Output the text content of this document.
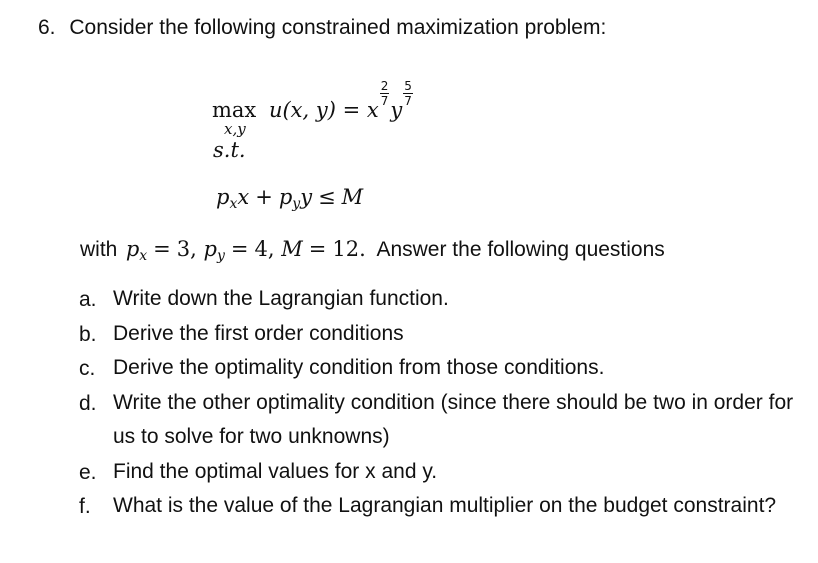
6. Consider the following constrained maximization problem:
max
x,y
u(x, y) = x
$\frac{2}{7}$
y
$\frac{5}{7}$
s.t.
$p_xx + p_yy \le M$
with $p_x = 3$, $p_y = 4$, M = 12. Answer the following questions
a. Write down the Lagrangian function.
b. Derive the first order conditions
c. Derive the optimality condition from those conditions.
d. Write the other optimality condition (since there should be two in order for us to solve for two unknowns)
e. Find the optimal values for x and y.
f.	What is the value of the Lagrangian multiplier on the budget constraint?
